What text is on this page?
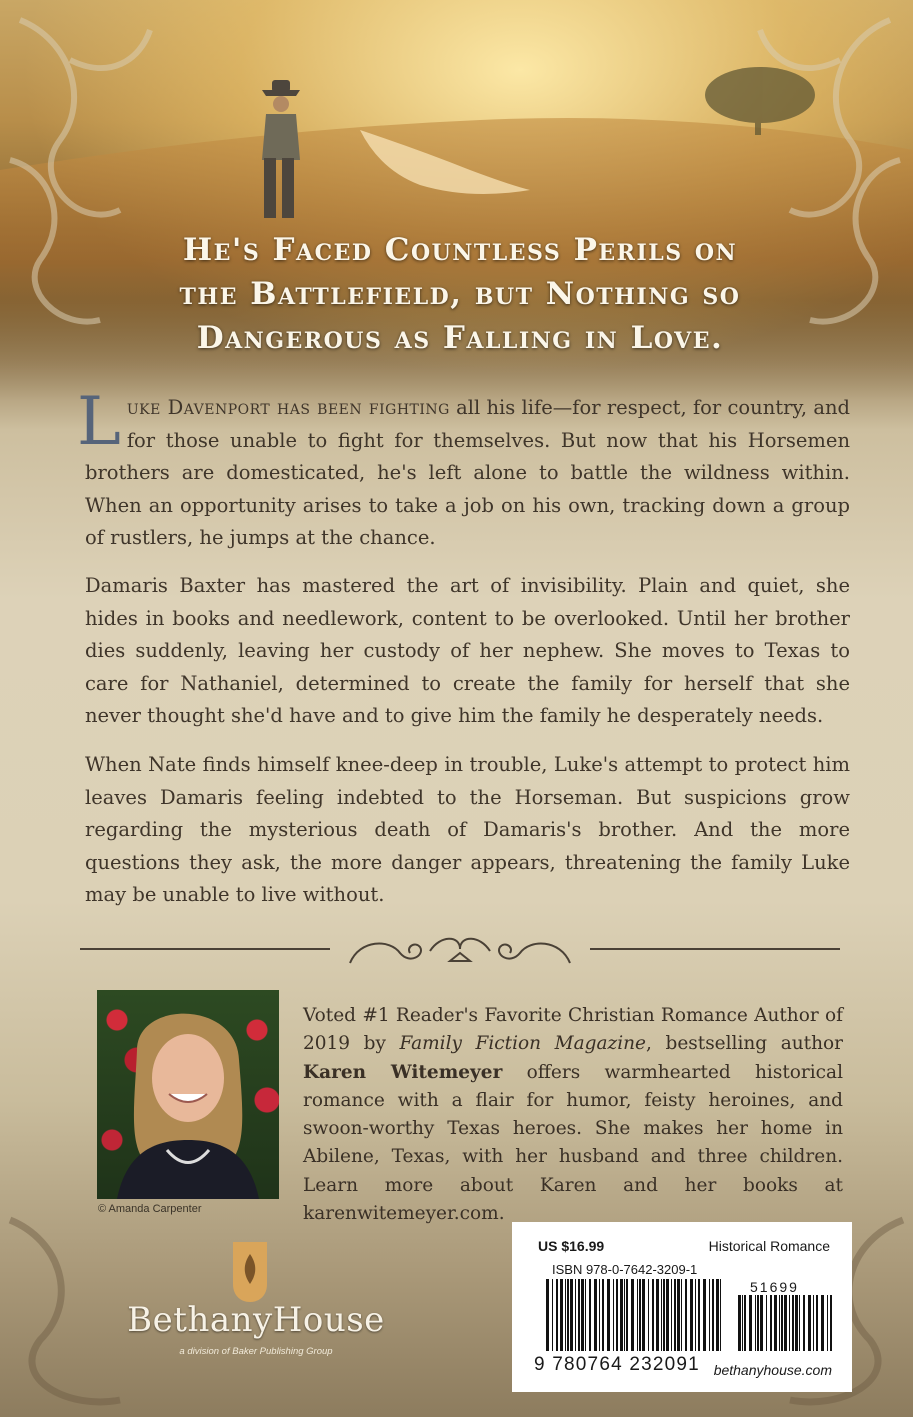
He's Faced Countless Perils on
the Battlefield, but Nothing so
Dangerous as Falling in Love.

Luke Davenport has been fighting all his life—for respect, for country, and for those unable to fight for themselves. But now that his Horsemen brothers are domesticated, he's left alone to battle the wildness within. When an opportunity arises to take a job on his own, tracking down a group of rustlers, he jumps at the chance.

Damaris Baxter has mastered the art of invisibility. Plain and quiet, she hides in books and needlework, content to be overlooked. Until her brother dies suddenly, leaving her custody of her nephew. She moves to Texas to care for Nathaniel, determined to create the family for herself that she never thought she'd have and to give him the family he desperately needs.

When Nate finds himself knee-deep in trouble, Luke's attempt to protect him leaves Damaris feeling indebted to the Horseman. But suspicions grow regarding the mysterious death of Damaris's brother. And the more questions they ask, the more danger appears, threatening the family Luke may be unable to live without.

© Amanda Carpenter

Voted #1 Reader's Favorite Christian Romance Author of 2019 by Family Fiction Magazine, bestselling author Karen Witemeyer offers warmhearted historical romance with a flair for humor, feisty heroines, and swoon-worthy Texas heroes. She makes her home in Abilene, Texas, with her husband and three children. Learn more about Karen and her books at karenwitemeyer.com.

BethanyHouse

a division of Baker Publishing Group

US $16.99	Historical Romance

ISBN 978-0-7642-3209-1

51699

9 780764 232091 bethanyhouse.com
